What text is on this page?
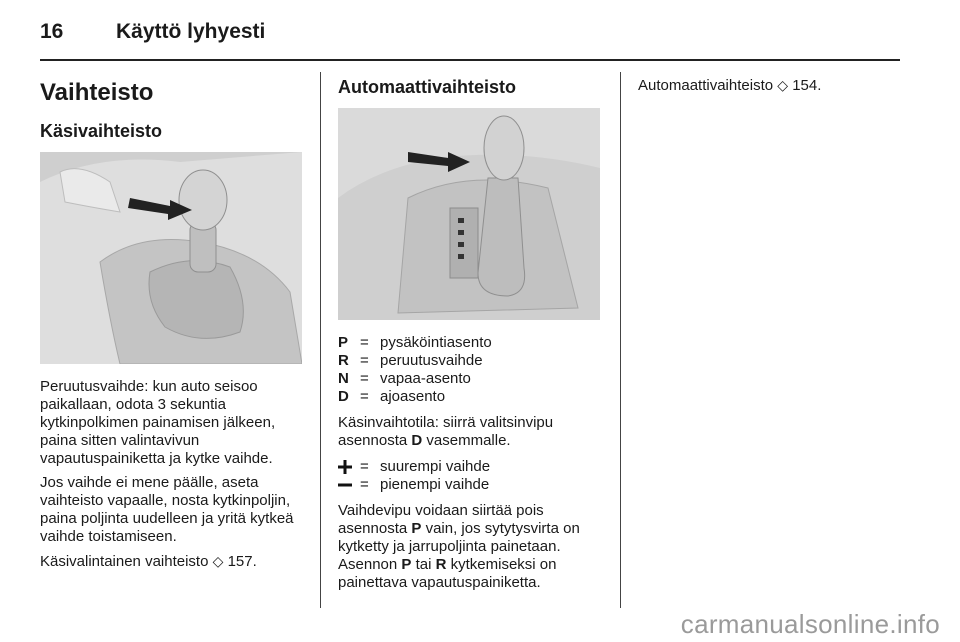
16	Käyttö lyhyesti
Vaihteisto
Käsivaihteisto

Peruutusvaihde: kun auto seisoo paikallaan, odota 3 sekuntia kytkinpolkimen painamisen jälkeen, paina sitten valintavivun vapautuspainiketta ja kytke vaihde.

Jos vaihde ei mene päälle, aseta vaihteisto vapaalle, nosta kytkinpoljin, paina poljinta uudelleen ja yritä kytkeä vaihde toistamiseen.

Käsivalintainen vaihteisto ◇ 157.

Automaattivaihteisto
P = pysäköintiasento
R = peruutusvaihde
N = vapaa-asento
D = ajoasento

Käsinvaihtotila: siirrä valitsinvipu asennosta D vasemmalle.

= suurempi vaihde
= pienempi vaihde

Vaihdevipu voidaan siirtää pois asennosta P vain, jos sytytysvirta on kytketty ja jarrupoljinta painetaan. Asennon P tai R kytkemiseksi on painettava vapautuspainiketta.

Automaattivaihteisto ◇ 154.

carmanualsonline.info
